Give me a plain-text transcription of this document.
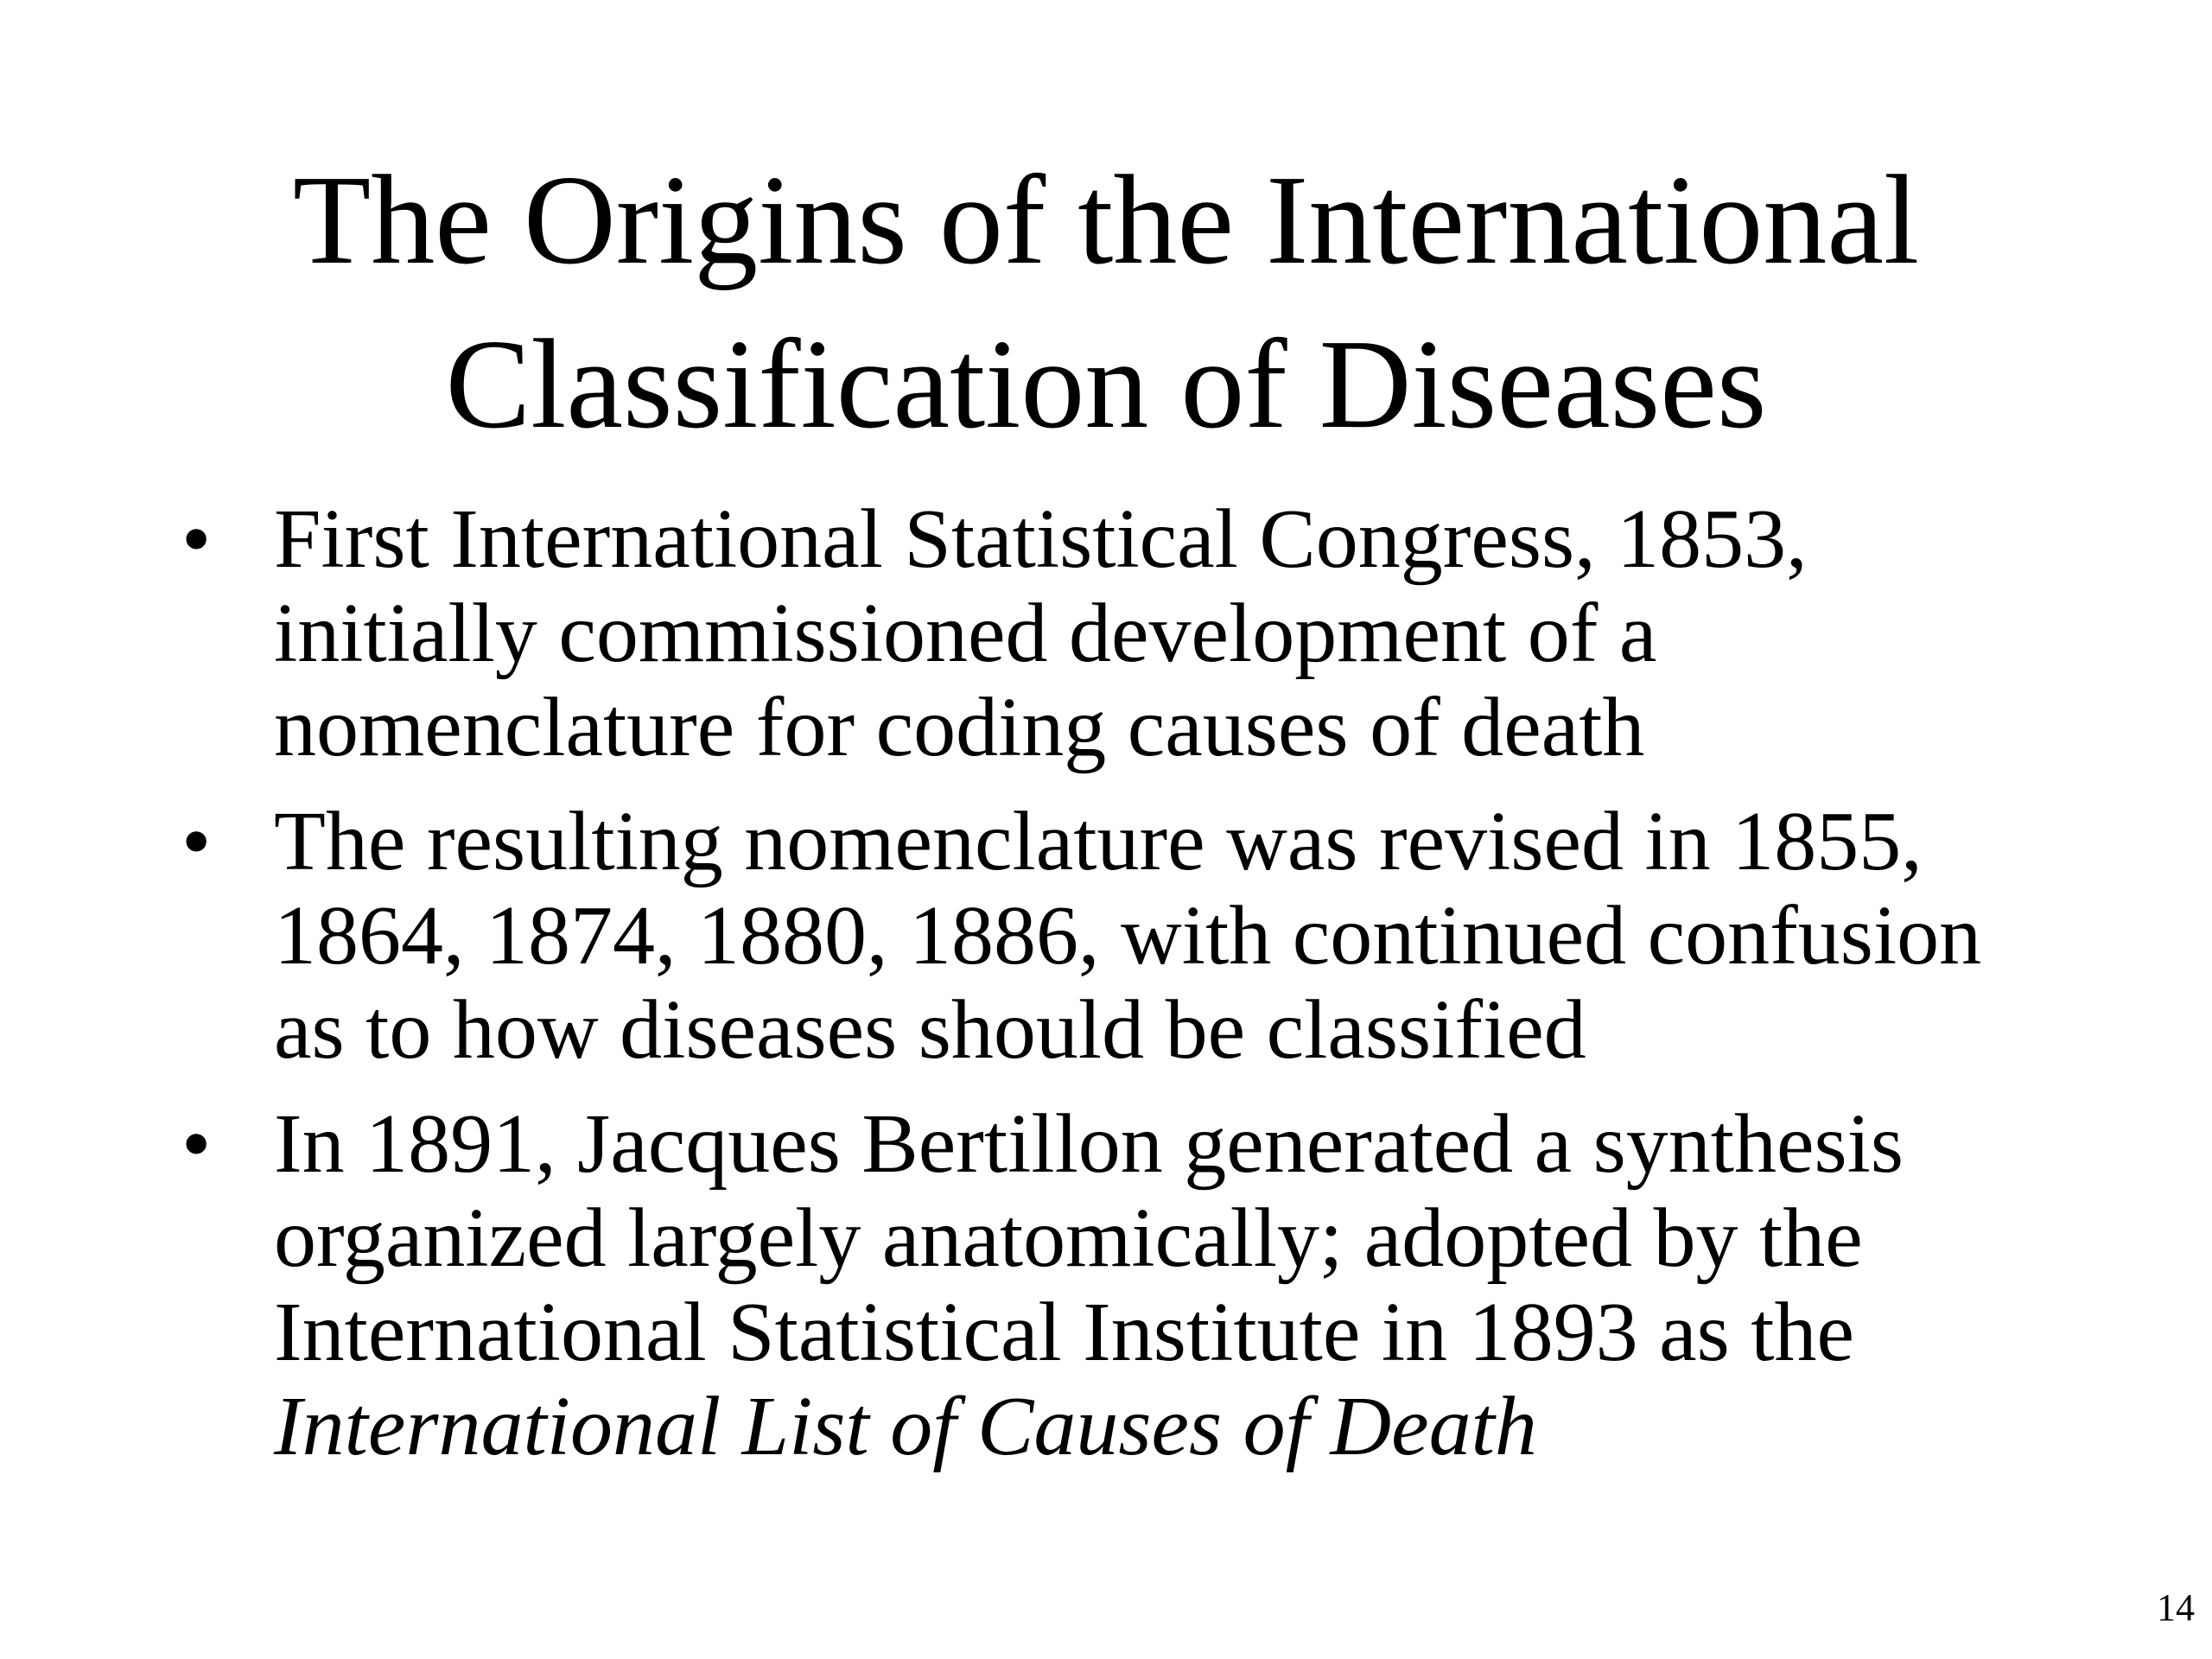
The Origins of the International
Classification of Diseases
• First International Statistical Congress, 1853,
initially commissioned development of a
nomenclature for coding causes of death
• The resulting nomenclature was revised in 1855,
1864, 1874, 1880, 1886, with continued confusion
as to how diseases should be classified
• In 1891, Jacques Bertillon generated a synthesis
organized largely anatomically; adopted by the
International Statistical Institute in 1893 as the
International List of Causes of Death
14
